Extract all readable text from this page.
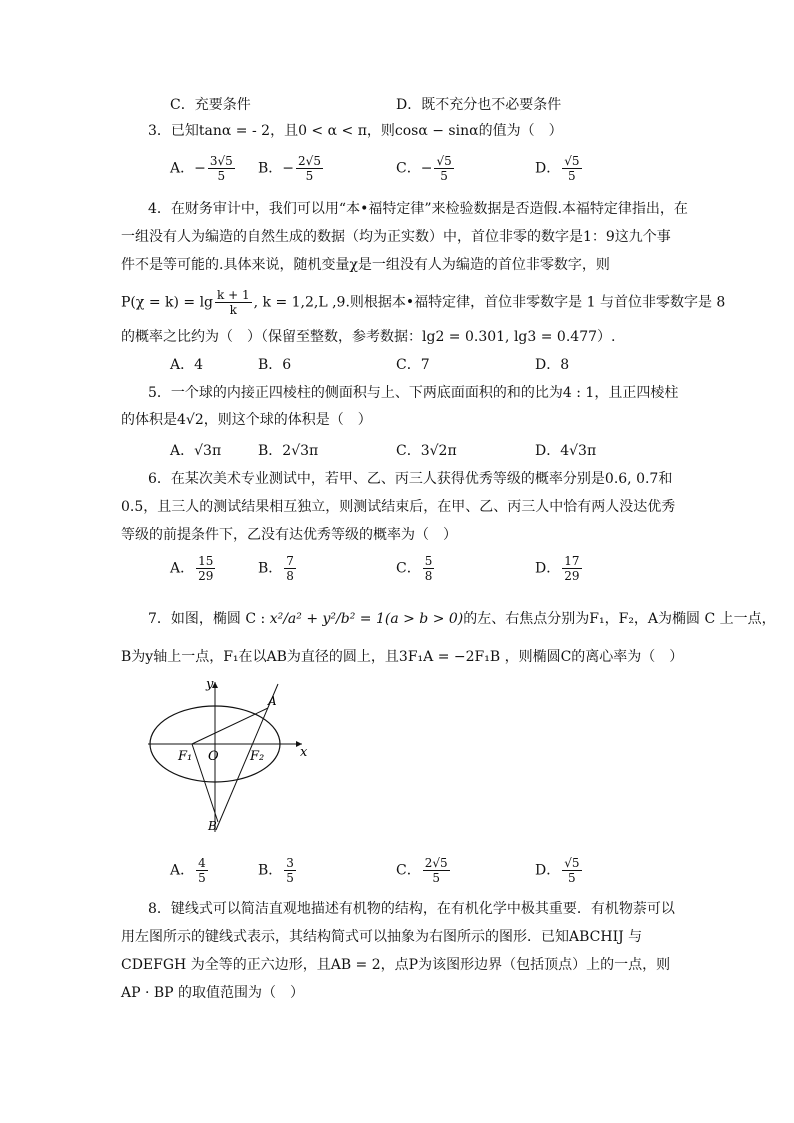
C．充要条件	D．既不充分也不必要条件
3．已知tanα = - 2，且0 < α < π，则cosα − sinα的值为（　）
A．− $\frac{3√5}{5}$ B．− $\frac{2√5}{5}$	C．− $\frac{√5}{5}$	D． $\frac{√5}{5}$
4．在财务审计中，我们可以用“本•福特定律”来检验数据是否造假.本福特定律指出，在
一组没有人为编造的自然生成的数据（均为正实数）中，首位非零的数字是1：9这九个事
件不是等可能的.具体来说，随机变量χ是一组没有人为编造的首位非零数字，则
$P(\chi = k) = \lg \frac{k + 1}{k}$ , k = 1,2,L ,9.则根据本•福特定律，首位非零数字是 1 与首位非零数字是 8
的概率之比约为（　）（保留至整数，参考数据：lg2 = 0.301, lg3 = 0.477）.
A．4	B．6	C．7	D．8
5．一个球的内接正四棱柱的侧面积与上、下两底面面积的和的比为4 : 1，且正四棱柱
的体积是4√2，则这个球的体积是（　）
A．√3π	B．2√3π	C．3√2π	D．4√3π
6．在某次美术专业测试中，若甲、乙、丙三人获得优秀等级的概率分别是0.6, 0.7和
0.5，且三人的测试结果相互独立，则测试结束后，在甲、乙、丙三人中恰有两人没达优秀
等级的前提条件下，乙没有达优秀等级的概率为（　）
A． $\frac{15}{29}$	B． $\frac{7}{8}$	C． $\frac{5}{8}$	D． $\frac{17}{29}$
7．如图，椭圆 C : x²/a² + y²/b² = 1(a > b > 0)的左、右焦点分别为F₁，F₂，A为椭圆 C 上一点，
B为y轴上一点，F₁在以AB为直径的圆上，且3F₁A = −2F₁B ，则椭圆C的离心率为（　）
y
x
A
B
O
F₁	F₂
A． $\frac{4}{5}$	B． $\frac{3}{5}$	C． $\frac{2√5}{5}$	D． $\frac{√5}{5}$
8．键线式可以简洁直观地描述有机物的结构，在有机化学中极其重要．有机物萘可以
用左图所示的键线式表示，其结构简式可以抽象为右图所示的图形．已知ABCHIJ 与
CDEFGH 为全等的正六边形，且AB = 2，点P为该图形边界（包括顶点）上的一点，则
AP · BP 的取值范围为（　）
